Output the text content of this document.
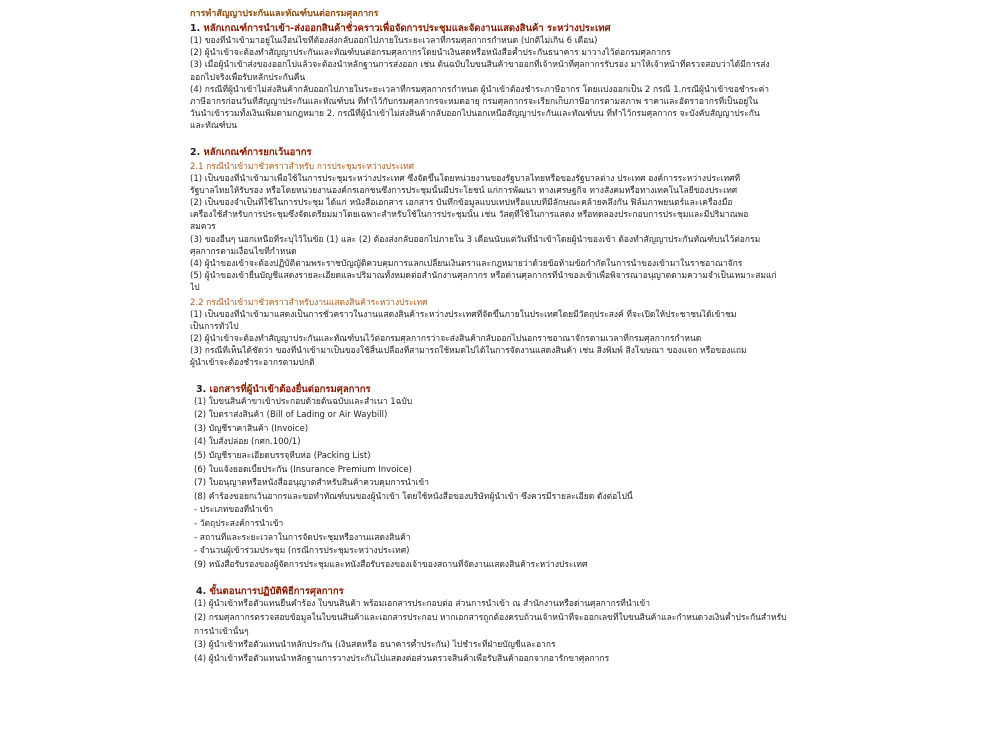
การทำสัญญาประกันและทัณฑ์บนต่อกรมศุลกากร
1. หลักเกณฑ์การนำเข้า-ส่งออกสินค้าชั่วคราวเพื่อจัดการประชุมและจัดงานแสดงสินค้า ระหว่างประเทศ
(1) ของที่นำเข้ามาอยู่ในเงื่อนไขที่ต้องส่งกลับออกไปภายในระยะเวลาที่กรมศุลกากรกำหนด (ปกติไม่เกิน 6 เดือน)
(2) ผู้นำเข้าจะต้องทำสัญญาประกันและทัณฑ์บนต่อกรมศุลกากรโดยนำเงินสดหรือหนังสือค้ำประกันธนาคาร มาวางไว้ต่อกรมศุลกากร
(3) เมื่อผู้นำเข้าส่งของออกไปแล้วจะต้องนำหลักฐานการส่งออก เช่น ต้นฉบับใบขนสินค้าขาออกที่เจ้าหน้าที่ศุลกากรรับรอง มาให้เจ้าหน้าที่ตรวจสอบว่าได้มีการส่ง
ออกไปจริงเพื่อรับหลักประกันคืน
(4) กรณีที่ผู้นำเข้าไม่ส่งสินค้ากลับออกไปภายในระยะเวลาที่กรมศุลกากรกำหนด ผู้นำเข้าต้องชำระภาษีอากร โดยแบ่งออกเป็น 2 กรณี 1.กรณีผู้นำเข้าขอชำระค่า
ภาษีอากรก่อนวันที่สัญญาประกันและทัณฑ์บน ที่ทำไว้กับกรมศุลกากรจะหมดอายุ กรมศุลกากรจะเรียกเก็บภาษีอากรตามสภาพ ราคาและอัตราอากรที่เป็นอยู่ใน
วันนำเข้ารวมทั้งเงินเพิ่มตามกฎหมาย 2. กรณีที่ผู้นำเข้าไม่ส่งสินค้ากลับออกไปนอกเหนือสัญญาประกันและทัณฑ์บน ที่ทำไว้กรมศุลกากร จะบังคับสัญญาประกัน
และทัณฑ์บน
2. หลักเกณฑ์การยกเว้นอากร
2.1 กรณีนำเข้ามาชั่วคราวสำหรับ การประชุมระหว่างประเทศ
(1) เป็นของที่นำเข้ามาเพื่อใช้ในการประชุมระหว่างประเทศ ซึ่งจัดขึ้นโดยหน่วยงานของรัฐบาลไทยหรือของรัฐบาลต่าง ประเทศ องค์การระหว่างประเทศที่
รัฐบาลไทยให้รับรอง หรือโดยหน่วยงานองค์กรเอกชนซึ่งการประชุมนั้นมีประโยชน์ แก่การพัฒนา ทางเศรษฐกิจ ทางสังคมหรือทางเทคโนโลยีของประเทศ
(2) เป็นของจำเป็นที่ใช้ในการประชุม ได้แก่ หนังสือเอกสาร เอกสาร บันทึกข้อมูลแบบเทปหรือแบบที่มีลักษณะคล้ายคลึงกัน ฟิล์มภาพยนตร์และเครื่องมือ
เครื่องใช้สำหรับการประชุมซึ่งจัดเตรียมมาโดยเฉพาะสำหรับใช้ในการประชุมนั้น เช่น วัสดุที่ใช้ในการแสดง หรือทดลองประกอบการประชุมและมีปริมาณพอ
สมควร
(3) ของอื่นๆ นอกเหนือที่ระบุไว้ในข้อ (1) และ (2) ต้องส่งกลับออกไปภายใน 3 เดือนนับแต่วันที่นำเข้าโดยผู้นำของเข้า ต้องทำสัญญาประกันทัณฑ์บนไว้ต่อกรม
ศุลกากรตามเงื่อนไขที่กำหนด
(4) ผู้นำของเข้าจะต้องปฏิบัติตามพระราชบัญญัติควบคุมการแลกเปลี่ยนเงินตราและกฎหมายว่าด้วยข้อห้ามข้อกำกัดในการนำของเข้ามาในราชอาณาจักร
(5) ผู้นำของเข้ายื่นบัญชีแสดงรายละเอียดและปริมาณทั้งหมดต่อสำนักงานศุลกากร หรือด่านศุลกากรที่นำของเข้าเพื่อพิจารณาอนุญาตตามความจำเป็นเหมาะสมแก่
ไป
2.2 กรณีนำเข้ามาชั่วคราวสำหรับงานแสดงสินค้าระหว่างประเทศ
(1) เป็นของที่นำเข้ามาแสดงเป็นการชั่วคราวในงานแสดงสินค้าระหว่างประเทศที่จัดขึ้นภายในประเทศโดยมีวัตถุประสงค์ ที่จะเปิดให้ประชาชนได้เข้าชม
เป็นการทั่วไป
(2) ผู้นำเข้าจะต้องทำสัญญาประกันและทัณฑ์บนไว้ต่อกรมศุลกากรว่าจะส่งสินค้ากลับออกไปนอกราชอาณาจักรตามเวลาที่กรมศุลกากรกำหนด
(3) กรณีที่เห็นได้ชัดว่า ของที่นำเข้ามาเป็นของใช้สิ้นเปลืองที่สามารถใช้หมดไปได้ในการจัดงานแสดงสินค้า เช่น สิ่งพิมพ์ สิ่งโฆษณา ของแจก หรือของแถม
ผู้นำเข้าจะต้องชำระอากรตามปกติ
3. เอกสารที่ผู้นำเข้าต้องยื่นต่อกรมศุลกากร
(1) ใบขนสินค้าขาเข้าประกอบด้วยต้นฉบับและสำเนา 1ฉบับ
(2) ใบตราส่งสินค้า (Bill of Lading or Air Waybill)
(3) บัญชีราคาสินค้า (Invoice)
(4) ใบสั่งปล่อย (กศก.100/1)
(5) บัญชีรายละเอียดบรรจุหีบห่อ (Packing List)
(6) ใบแจ้งยอดเบี้ยประกัน (Insurance Premium Invoice)
(7) ใบอนุญาตหรือหนังสืออนุญาตสำหรับสินค้าควบคุมการนำเข้า
(8) คำร้องขอยกเว้นอากรและขอทำทัณฑ์บนของผู้นำเข้า โดยใช้หนังสือของบริษัทผู้นำเข้า ซึ่งควรมีรายละเอียด ดังต่อไปนี้
- ประเภทของที่นำเข้า
- วัตถุประสงค์การนำเข้า
- สถานที่และระยะเวลาในการจัดประชุมหรืองานแสดงสินค้า
- จำนวนผู้เข้าร่วมประชุม (กรณีการประชุมระหว่างประเทศ)
(9) หนังสือรับรองของผู้จัดการประชุมและหนังสือรับรองของเจ้าของสถานที่จัดงานแสดงสินค้าระหว่างประเทศ
4. ขั้นตอนการปฏิบัติพิธีการศุลกากร
(1) ผู้นำเข้าหรือตัวแทนยื่นคำร้อง ใบขนสินค้า พร้อมเอกสารประกอบต่อ ส่วนการนำเข้า ณ สำนักงานหรือด่านศุลกากรที่นำเข้า
(2) กรมศุลกากรตรวจสอบข้อมูลในใบขนสินค้าและเอกสารประกอบ หากเอกสารถูกต้องครบถ้วนเจ้าหน้าที่จะออกเลขที่ใบขนสินค้าและกำหนดวงเงินค้ำประกันสำหรับ
การนำเข้านั้นๆ
(3) ผู้นำเข้าหรือตัวแทนนำหลักประกัน (เงินสดหรือ ธนาคารค้ำประกัน) ไปชำระที่ฝ่ายบัญชีและอากร
(4) ผู้นำเข้าหรือตัวแทนนำหลักฐานการวางประกันไปแสดงต่อส่วนตรวจสินค้าเพื่อรับสินค้าออกจากอารักขาศุลกากร
